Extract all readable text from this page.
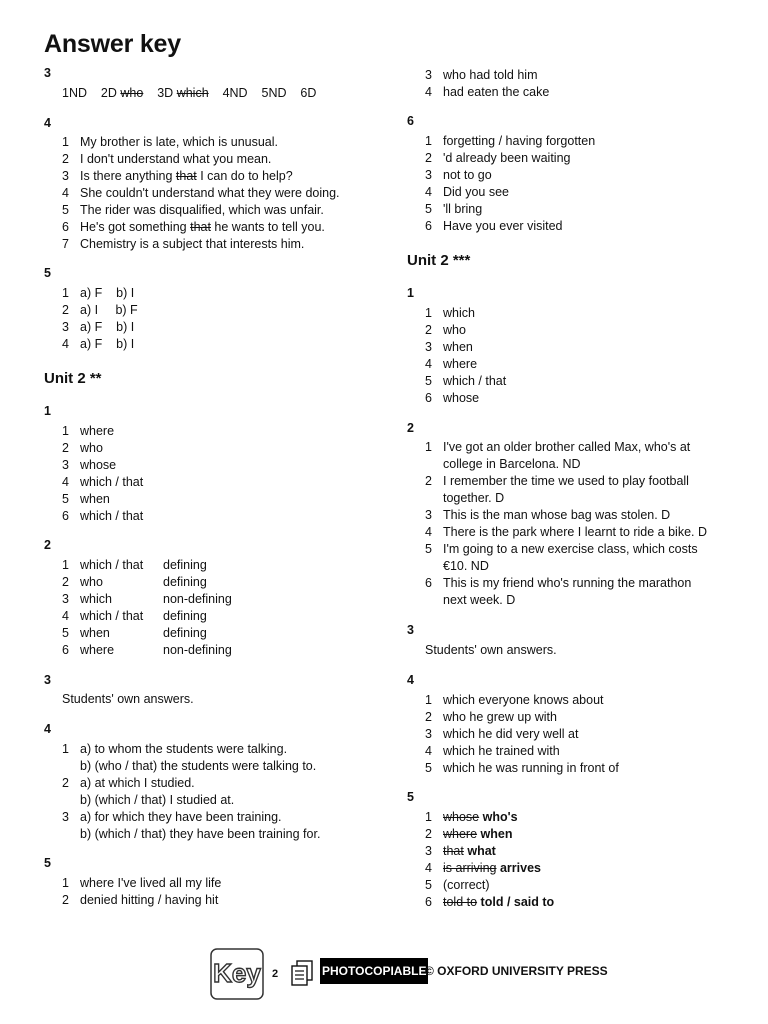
Answer key
3
1ND 2D who 3D which 4ND 5ND 6D
4
1 My brother is late, which is unusual.
2 I don't understand what you mean.
3 Is there anything that I can do to help?
4 She couldn't understand what they were doing.
5 The rider was disqualified, which was unfair.
6 He's got something that he wants to tell you.
7 Chemistry is a subject that interests him.
5
1 a) F b) I
2 a) I b) F
3 a) F b) I
4 a) F b) I
Unit 2 **
1
1 where
2 who
3 whose
4 which / that
5 when
6 which / that
2
1 which / that defining
2 who	defining
3 which	non-defining
4 which / that defining
5 when	defining
6 where	non-defining
3
Students' own answers.
4
1 a) to whom the students were talking.
b) (who / that) the students were talking to.
2 a) at which I studied.
b) (which / that) I studied at.
3 a) for which they have been training.
b) (which / that) they have been training for.
5
1 where I've lived all my life
2 denied hitting / having hit
3 who had told him
4 had eaten the cake
6
1 forgetting / having forgotten
2 'd already been waiting
3 not to go
4 Did you see
5 'll bring
6 Have you ever visited
Unit 2 ***
1
1 which
2 who
3 when
4 where
5 which / that
6 whose
2
1 I've got an older brother called Max, who's at
college in Barcelona. ND
2 I remember the time we used to play football
together. D
3 This is the man whose bag was stolen. D
4 There is the park where I learnt to ride a bike. D
5 I'm going to a new exercise class, which costs
€10. ND
6 This is my friend who's running the marathon
next week. D
3
Students' own answers.
4
1 which everyone knows about
2 who he grew up with
3 which he did very well at
4 which he trained with
5 which he was running in front of
5
1 whose who's
2 where when
3 that what
4 is arriving arrives
5 (correct)
6 told to told / said to
Key 2	PHOTOCOPIABLE
© OXFORD UNIVERSITY PRESS
